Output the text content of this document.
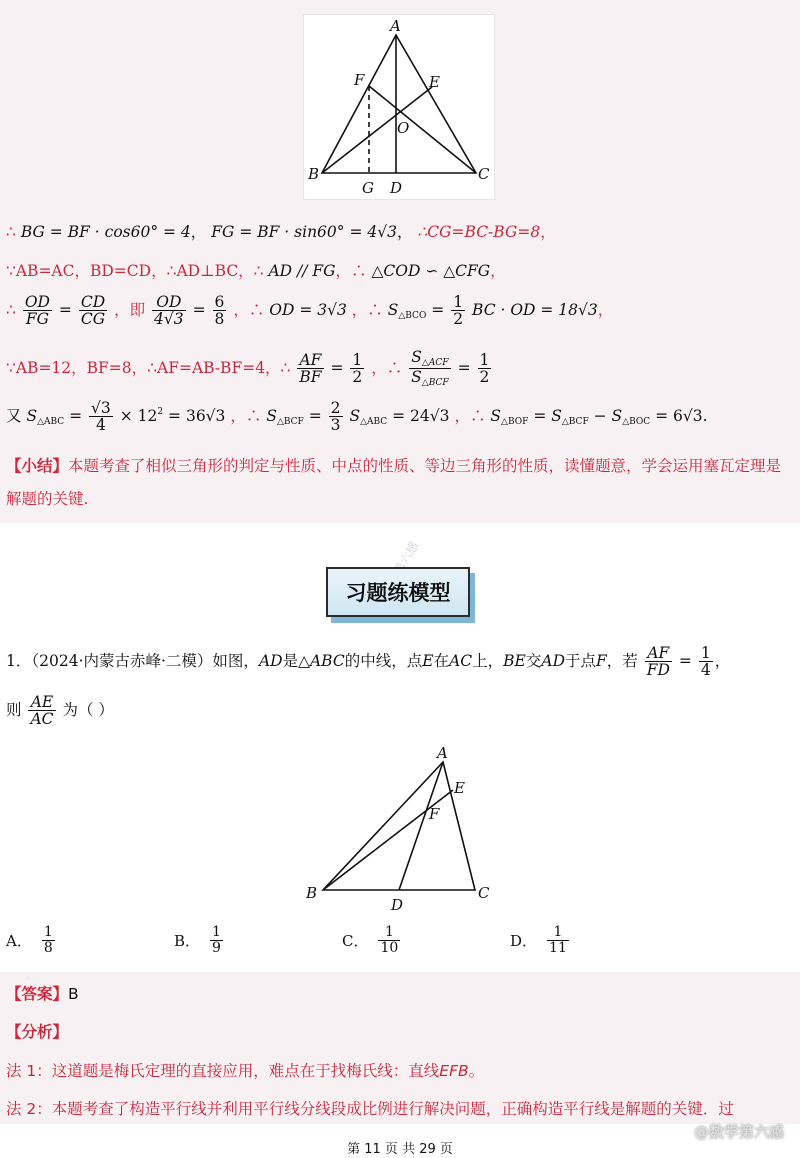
A
F	E
O
B
G D
C
∴ BG = BF · cos60° = 4， FG = BF · sin60° = 4√3， ∴CG=BC-BG=8，
∵AB=AC，BD=CD，∴AD⊥BC，∴ AD // FG，∴ △COD ∽ △CFG，
∴ $\frac{OD}{FG} = \frac{CD}{CG}$ ，即 $\frac{OD}{4√3} = \frac{6}{8}$ ，∴ OD = 3√3 ，∴ $S_{\triangle BCO} = \frac{1}{2}$ BC · OD = 18√3，
∵AB=12，BF=8，∴AF=AB-BF=4，∴ $\frac{AF}{BF} = \frac{1}{2}$ ，∴ $\frac{S_{\triangle ACF}}{S_{\triangle BCF}} = \frac{1}{2}$
又 $S_{\triangle ABC} = \frac{√3}{4} \times 12^2 = 36√3$ ，∴ $S_{\triangle BCF} = \frac{2}{3} S_{\triangle ABC} = 24√3$ ，∴ $S_{\triangle BOF} = S_{\triangle BCF} - S_{\triangle BOC} = 6√3$.
【小结】本题考查了相似三角形的判定与性质、中点的性质、等边三角形的性质，读懂题意，学会运用塞瓦定理是解题的关键.
习题练模型
1．（2024·内蒙古赤峰·二模）如图，AD是△ABC的中线，点E在AC上，BE交AD于点F，若 $\frac{AF}{FD} = \frac{1}{4}$ ，
则 $\frac{AE}{AC}$ 为（ ）
A
E
F
B
D
C
A． $\frac{1}{8}$	B． $\frac{1}{9}$	C． $\frac{1}{10}$	D． $\frac{1}{11}$
【答案】B
【分析】
法 1：这道题是梅氏定理的直接应用，难点在于找梅氏线：直线EFB。
法 2：本题考查了构造平行线并利用平行线分线段成比例进行解决问题，正确构造平行线是解题的关键．过
@数学第六感
第 11 页 共 29 页
